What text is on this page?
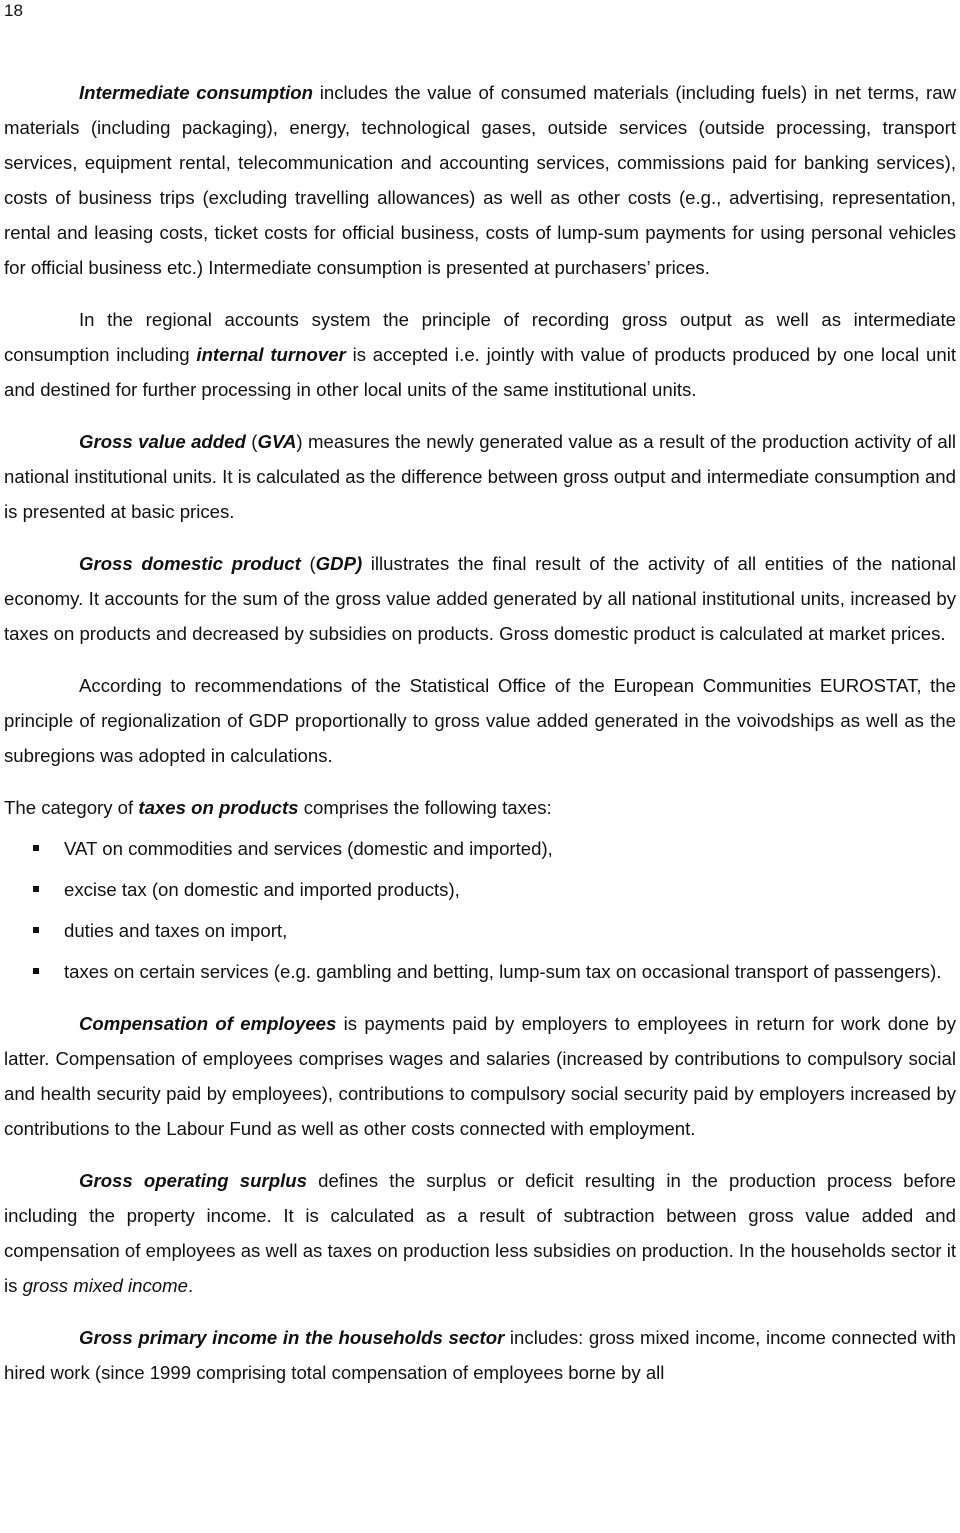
18

Intermediate consumption includes the value of consumed materials (including fuels) in net terms, raw materials (including packaging), energy, technological gases, outside services (outside processing, transport services, equipment rental, telecommunication and accounting services, commissions paid for banking services), costs of business trips (excluding travelling allowances) as well as other costs (e.g., advertising, representation, rental and leasing costs, ticket costs for official business, costs of lump-sum payments for using personal vehicles for official business etc.) Intermediate consumption is presented at purchasers’ prices.

In the regional accounts system the principle of recording gross output as well as intermediate consumption including internal turnover is accepted i.e. jointly with value of products produced by one local unit and destined for further processing in other local units of the same institutional units.

Gross value added (GVA) measures the newly generated value as a result of the production activity of all national institutional units. It is calculated as the difference between gross output and intermediate consumption and is presented at basic prices.

Gross domestic product (GDP) illustrates the final result of the activity of all entities of the national economy. It accounts for the sum of the gross value added generated by all national institutional units, increased by taxes on products and decreased by subsidies on products. Gross domestic product is calculated at market prices.

According to recommendations of the Statistical Office of the European Communities EUROSTAT, the principle of regionalization of GDP proportionally to gross value added generated in the voivodships as well as the subregions was adopted in calculations.

The category of taxes on products comprises the following taxes:

VAT on commodities and services (domestic and imported),
excise tax (on domestic and imported products),
duties and taxes on import,
taxes on certain services (e.g. gambling and betting, lump-sum tax on occasional transport of passengers).

Compensation of employees is payments paid by employers to employees in return for work done by latter. Compensation of employees comprises wages and salaries (increased by contributions to compulsory social and health security paid by employees), contributions to compulsory social security paid by employers increased by contributions to the Labour Fund as well as other costs connected with employment.

Gross operating surplus defines the surplus or deficit resulting in the production process before including the property income. It is calculated as a result of subtraction between gross value added and compensation of employees as well as taxes on production less subsidies on production. In the households sector it is gross mixed income.

Gross primary income in the households sector includes: gross mixed income, income connected with hired work (since 1999 comprising total compensation of employees borne by all
